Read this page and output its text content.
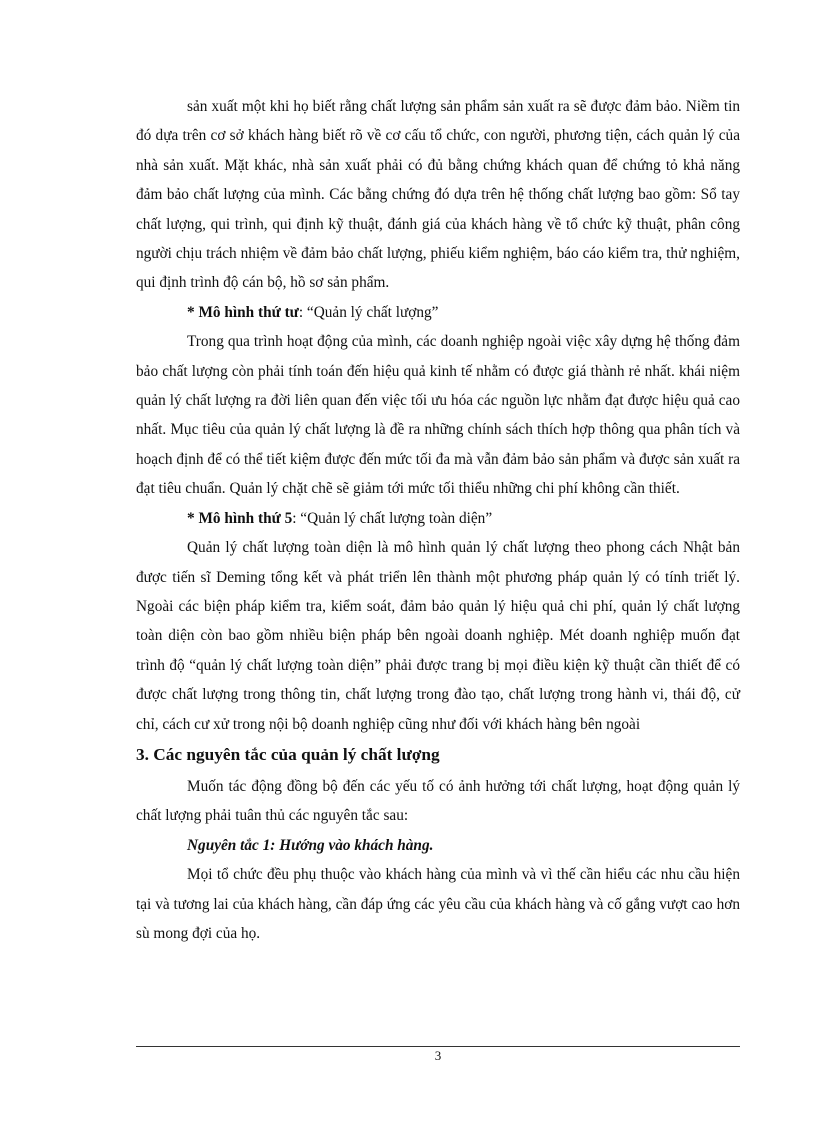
sản xuất một khi họ biết rằng chất lượng sản phẩm sản xuất ra sẽ được đảm bảo. Niềm tin đó dựa trên cơ sở khách hàng biết rõ về cơ cấu tổ chức, con người, phương tiện, cách quản lý của nhà sản xuất. Mặt khác, nhà sản xuất phải có đủ bằng chứng khách quan để chứng tỏ khả năng đảm bảo chất lượng của mình. Các bằng chứng đó dựa trên hệ thống chất lượng bao gồm: Sổ tay chất lượng, qui trình, qui định kỹ thuật, đánh giá của khách hàng về tổ chức kỹ thuật, phân công người chịu trách nhiệm về đảm bảo chất lượng, phiếu kiểm nghiệm, báo cáo kiểm tra, thử nghiệm, qui định trình độ cán bộ, hồ sơ sản phẩm.

* Mô hình thứ tư: “Quản lý chất lượng”

Trong qua trình hoạt động của mình, các doanh nghiệp ngoài việc xây dựng hệ thống đảm bảo chất lượng còn phải tính toán đến hiệu quả kinh tế nhằm có được giá thành rẻ nhất. khái niệm quản lý chất lượng ra đời liên quan đến việc tối ưu hóa các nguồn lực nhằm đạt được hiệu quả cao nhất. Mục tiêu của quản lý chất lượng là đề ra những chính sách thích hợp thông qua phân tích và hoạch định để có thể tiết kiệm được đến mức tối đa mà vẫn đảm bảo sản phẩm và được sản xuất ra đạt tiêu chuẩn. Quản lý chặt chẽ sẽ giảm tới mức tối thiểu những chi phí không cần thiết.

* Mô hình thứ 5: “Quản lý chất lượng toàn diện”

Quản lý chất lượng toàn diện là mô hình quản lý chất lượng theo phong cách Nhật bản được tiến sĩ Deming tổng kết và phát triển lên thành một phương pháp quản lý có tính triết lý. Ngoài các biện pháp kiểm tra, kiểm soát, đảm bảo quản lý hiệu quả chi phí, quản lý chất lượng toàn diện còn bao gồm nhiều biện pháp bên ngoài doanh nghiệp. Mét doanh nghiệp muốn đạt trình độ “quản lý chất lượng toàn diện” phải được trang bị mọi điều kiện kỹ thuật cần thiết để có được chất lượng trong thông tin, chất lượng trong đào tạo, chất lượng trong hành vi, thái độ, cử chỉ, cách cư xử trong nội bộ doanh nghiệp cũng như đối với khách hàng bên ngoài

3. Các nguyên tắc của quản lý chất lượng

Muốn tác động đồng bộ đến các yếu tố có ảnh hưởng tới chất lượng, hoạt động quản lý chất lượng phải tuân thủ các nguyên tắc sau:

Nguyên tắc 1: Hướng vào khách hàng.

Mọi tổ chức đều phụ thuộc vào khách hàng của mình và vì thế cần hiểu các nhu cầu hiện tại và tương lai của khách hàng, cần đáp ứng các yêu cầu của khách hàng và cố gắng vượt cao hơn sù mong đợi của họ.

3
